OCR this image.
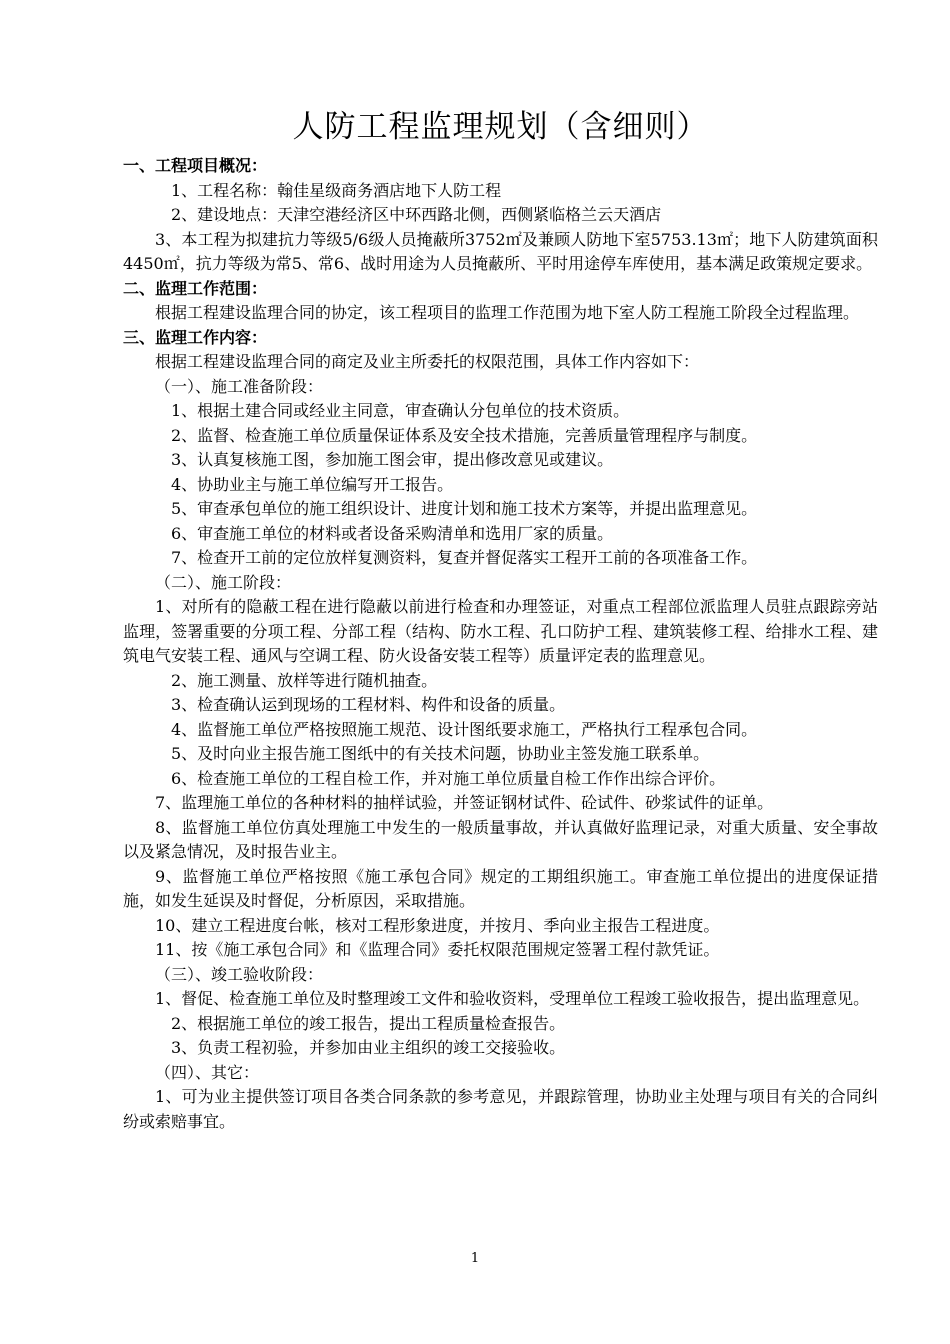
人防工程监理规划（含细则）
一、工程项目概况：

1、工程名称：翰佳星级商务酒店地下人防工程

2、建设地点：天津空港经济区中环西路北侧，西侧紧临格兰云天酒店

3、本工程为拟建抗力等级5/6级人员掩蔽所3752㎡及兼顾人防地下室5753.13㎡；地下人防建筑面积4450㎡，抗力等级为常5、常6、战时用途为人员掩蔽所、平时用途停车库使用，基本满足政策规定要求。

二、监理工作范围：

根据工程建设监理合同的协定，该工程项目的监理工作范围为地下室人防工程施工阶段全过程监理。

三、监理工作内容：

根据工程建设监理合同的商定及业主所委托的权限范围，具体工作内容如下：

（一）、施工准备阶段：

1、根据土建合同或经业主同意，审查确认分包单位的技术资质。

2、监督、检查施工单位质量保证体系及安全技术措施，完善质量管理程序与制度。

3、认真复核施工图，参加施工图会审，提出修改意见或建议。

4、协助业主与施工单位编写开工报告。

5、审查承包单位的施工组织设计、进度计划和施工技术方案等，并提出监理意见。

6、审查施工单位的材料或者设备采购清单和选用厂家的质量。

7、检查开工前的定位放样复测资料，复查并督促落实工程开工前的各项准备工作。

（二）、施工阶段：

1、对所有的隐蔽工程在进行隐蔽以前进行检查和办理签证，对重点工程部位派监理人员驻点跟踪旁站监理，签署重要的分项工程、分部工程（结构、防水工程、孔口防护工程、建筑装修工程、给排水工程、建筑电气安装工程、通风与空调工程、防火设备安装工程等）质量评定表的监理意见。

2、施工测量、放样等进行随机抽查。

3、检查确认运到现场的工程材料、构件和设备的质量。

4、监督施工单位严格按照施工规范、设计图纸要求施工，严格执行工程承包合同。

5、及时向业主报告施工图纸中的有关技术问题，协助业主签发施工联系单。

6、检查施工单位的工程自检工作，并对施工单位质量自检工作作出综合评价。

7、监理施工单位的各种材料的抽样试验，并签证钢材试件、砼试件、砂浆试件的证单。

8、监督施工单位仿真处理施工中发生的一般质量事故，并认真做好监理记录，对重大质量、安全事故以及紧急情况，及时报告业主。

9、监督施工单位严格按照《施工承包合同》规定的工期组织施工。审查施工单位提出的进度保证措施，如发生延误及时督促，分析原因，采取措施。

10、建立工程进度台帐，核对工程形象进度，并按月、季向业主报告工程进度。

11、按《施工承包合同》和《监理合同》委托权限范围规定签署工程付款凭证。

（三）、竣工验收阶段：

1、督促、检查施工单位及时整理竣工文件和验收资料，受理单位工程竣工验收报告，提出监理意见。

2、根据施工单位的竣工报告，提出工程质量检查报告。

3、负责工程初验，并参加由业主组织的竣工交接验收。

（四）、其它：

1、可为业主提供签订项目各类合同条款的参考意见，并跟踪管理，协助业主处理与项目有关的合同纠纷或索赔事宜。

1
